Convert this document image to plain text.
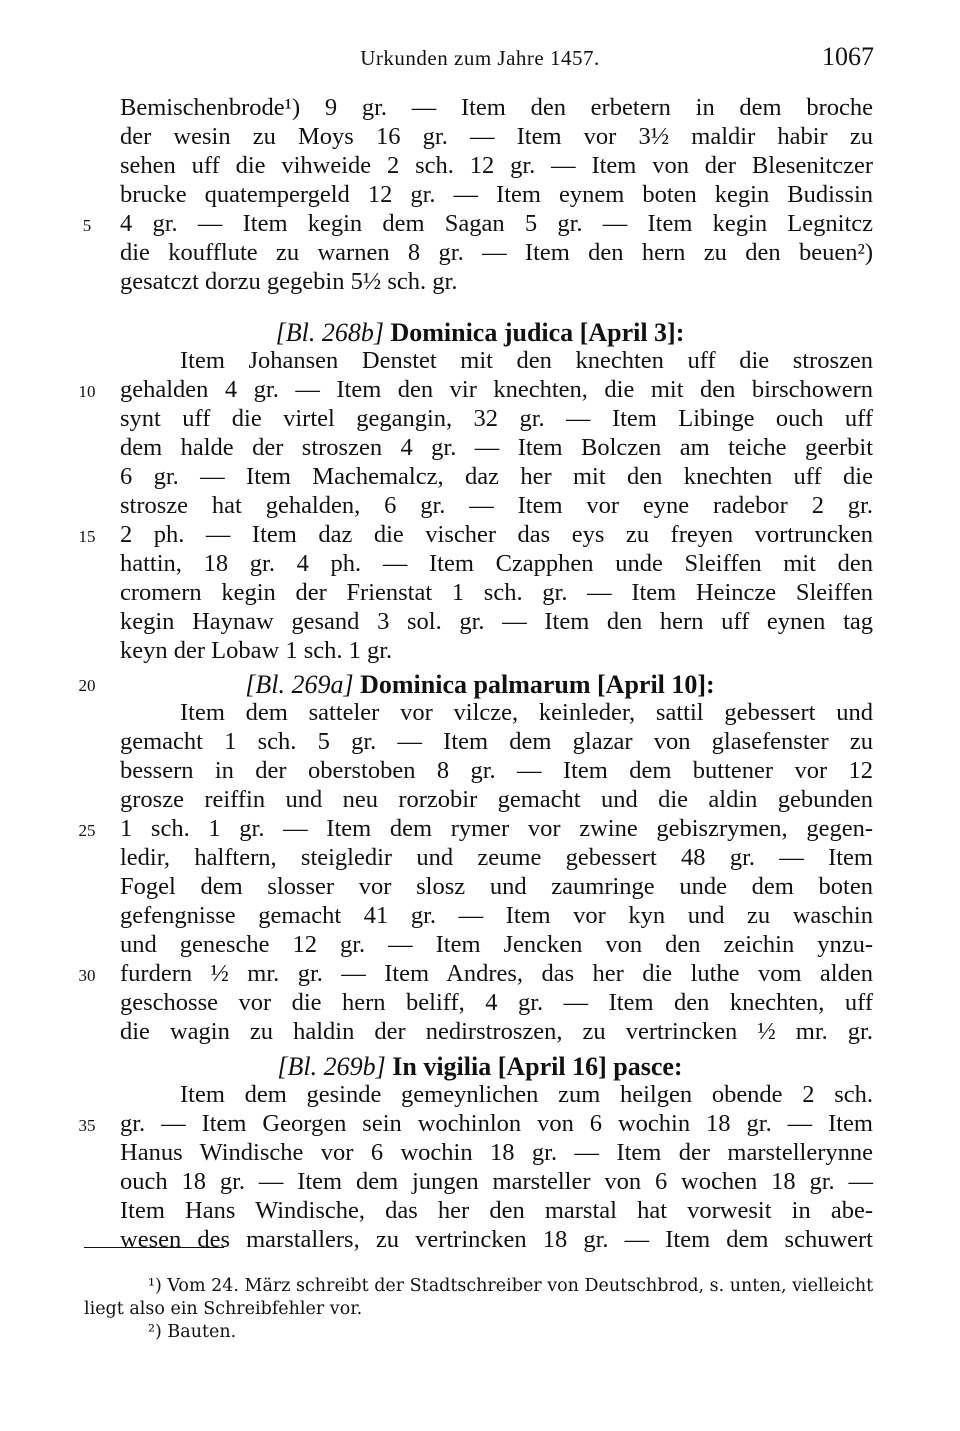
Urkunden zum Jahre 1457.	1067
Bemischenbrode¹) 9 gr. — Item den erbetern in dem broche
der wesin zu Moys 16 gr. — Item vor 3½ maldir habir zu
sehen uff die vihweide 2 sch. 12 gr. — Item von der Blesenitczer
brucke quatempergeld 12 gr. — Item eynem boten kegin Budissin
4 gr. — Item kegin dem Sagan 5 gr. — Item kegin Legnitcz
die koufflute zu warnen 8 gr. — Item den hern zu den beuen²)
gesatczt dorzu gegebin 5½ sch. gr.
[Bl. 268b] Dominica judica [April 3]:
Item Johansen Denstet mit den knechten uff die stroszen
gehalden 4 gr. — Item den vir knechten, die mit den birschowern
synt uff die virtel gegangin, 32 gr. — Item Libinge ouch uff
dem halde der stroszen 4 gr. — Item Bolczen am teiche geerbit
6 gr. — Item Machemalcz, daz her mit den knechten uff die
strosze hat gehalden, 6 gr. — Item vor eyne radebor 2 gr.
2 ph. — Item daz die vischer das eys zu freyen vortruncken
hattin, 18 gr. 4 ph. — Item Czapphen unde Sleiffen mit den
cromern kegin der Frienstat 1 sch. gr. — Item Heincze Sleiffen
kegin Haynaw gesand 3 sol. gr. — Item den hern uff eynen tag
keyn der Lobaw 1 sch. 1 gr.
[Bl. 269a] Dominica palmarum [April 10]:
Item dem satteler vor vilcze, keinleder, sattil gebessert und
gemacht 1 sch. 5 gr. — Item dem glazar von glasefenster zu
bessern in der oberstoben 8 gr. — Item dem buttener vor 12
grosze reiffin und neu rorzobir gemacht und die aldin gebunden
1 sch. 1 gr. — Item dem rymer vor zwine gebiszrymen, gegen-
ledir, halftern, steigledir und zeume gebessert 48 gr. — Item
Fogel dem slosser vor slosz und zaumringe unde dem boten
gefengnisse gemacht 41 gr. — Item vor kyn und zu waschin
und genesche 12 gr. — Item Jencken von den zeichin ynzu-
furdern ½ mr. gr. — Item Andres, das her die luthe vom alden
geschosse vor die hern beliff, 4 gr. — Item den knechten, uff
die wagin zu haldin der nedirstroszen, zu vertrincken ½ mr. gr.
[Bl. 269b] In vigilia [April 16] pasce:
Item dem gesinde gemeynlichen zum heilgen obende 2 sch.
gr. — Item Georgen sein wochinlon von 6 wochin 18 gr. — Item
Hanus Windische vor 6 wochin 18 gr. — Item der marstellerynne
ouch 18 gr. — Item dem jungen marsteller von 6 wochen 18 gr. —
Item Hans Windische, das her den marstal hat vorwesit in abe-
wesen des marstallers, zu vertrincken 18 gr. — Item dem schuwert
5
10
15
20
25
30
35
¹) Vom 24. März schreibt der Stadtschreiber von Deutschbrod, s. unten, vielleicht
liegt also ein Schreibfehler vor.
²) Bauten.
